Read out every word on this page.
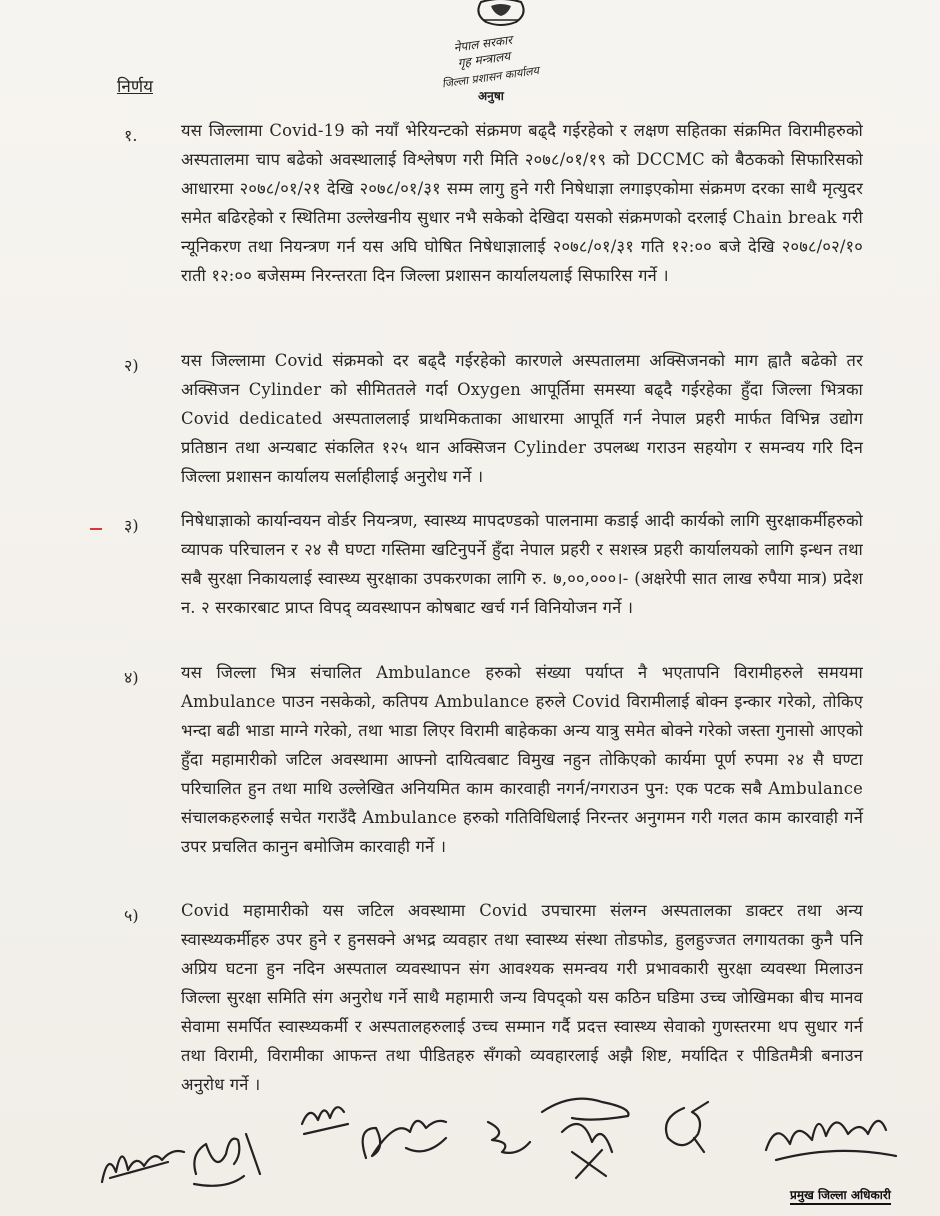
नेपाल सरकार
गृह मन्त्रालय
जिल्ला प्रशासन कार्यालय
अनुषा
निर्णय
१.	यस जिल्लामा Covid-19 को नयाँ भेरियन्टको संक्रमण बढ्दै गईरहेको र लक्षण सहितका संक्रमित विरामीहरुको अस्पतालमा चाप बढेको अवस्थालाई विश्लेषण गरी मिति २०७८/०१/१९ को DCCMC को बैठकको सिफारिसको आधारमा २०७८/०१/२१ देखि २०७८/०१/३१ सम्म लागु हुने गरी निषेधाज्ञा लगाइएकोमा संक्रमण दरका साथै मृत्युदर समेत बढिरहेको र स्थितिमा उल्लेखनीय सुधार नभै सकेको देखिदा यसको संक्रमणको दरलाई Chain break गरी न्यूनिकरण तथा नियन्त्रण गर्न यस अघि घोषित निषेधाज्ञालाई २०७८/०१/३१ गति १२:०० बजे देखि २०७८/०२/१० राती १२:०० बजेसम्म निरन्तरता दिन जिल्ला प्रशासन कार्यालयलाई सिफारिस गर्ने ।
२)	यस जिल्लामा Covid संक्रमको दर बढ्दै गईरहेको कारणले अस्पतालमा अक्सिजनको माग ह्वातै बढेको तर अक्सिजन Cylinder को सीमिततले गर्दा Oxygen आपूर्तिमा समस्या बढ्दै गईरहेका हुँदा जिल्ला भित्रका Covid dedicated अस्पताललाई प्राथमिकताका आधारमा आपूर्ति गर्न नेपाल प्रहरी मार्फत विभिन्न उद्योग प्रतिष्ठान तथा अन्यबाट संकलित १२५ थान अक्सिजन Cylinder उपलब्ध गराउन सहयोग र समन्वय गरि दिन जिल्ला प्रशासन कार्यालय सर्लाहीलाई अनुरोध गर्ने ।
३)	निषेधाज्ञाको कार्यान्वयन वोर्डर नियन्त्रण, स्वास्थ्य मापदण्डको पालनामा कडाई आदी कार्यको लागि सुरक्षाकर्मीहरुको व्यापक परिचालन र २४ सै घण्टा गस्तिमा खटिनुपर्ने हुँदा नेपाल प्रहरी र सशस्त्र प्रहरी कार्यालयको लागि इन्धन तथा सबै सुरक्षा निकायलाई स्वास्थ्य सुरक्षाका उपकरणका लागि रु. ७,००,०००।- (अक्षरेपी सात लाख रुपैया मात्र) प्रदेश न. २ सरकारबाट प्राप्त विपद् व्यवस्थापन कोषबाट खर्च गर्न विनियोजन गर्ने ।
४)	यस जिल्ला भित्र संचालित Ambulance हरुको संख्या पर्याप्त नै भएतापनि विरामीहरुले समयमा Ambulance पाउन नसकेको, कतिपय Ambulance हरुले Covid विरामीलाई बोक्न इन्कार गरेको, तोकिए भन्दा बढी भाडा माग्ने गरेको, तथा भाडा लिएर विरामी बाहेकका अन्य यात्रु समेत बोक्ने गरेको जस्ता गुनासो आएको हुँदा महामारीको जटिल अवस्थामा आफ्नो दायित्वबाट विमुख नहुन तोकिएको कार्यमा पूर्ण रुपमा २४ सै घण्टा परिचालित हुन तथा माथि उल्लेखित अनियमित काम कारवाही नगर्न/नगराउन पुन: एक पटक सबै Ambulance संचालकहरुलाई सचेत गराउँदै Ambulance हरुको गतिविधिलाई निरन्तर अनुगमन गरी गलत काम कारवाही गर्ने उपर प्रचलित कानुन बमोजिम कारवाही गर्ने ।
५)	Covid महामारीको यस जटिल अवस्थामा Covid उपचारमा संलग्न अस्पतालका डाक्टर तथा अन्य स्वास्थ्यकर्मीहरु उपर हुने र हुनसक्ने अभद्र व्यवहार तथा स्वास्थ्य संस्था तोडफोड, हुलहुज्जत लगायतका कुनै पनि अप्रिय घटना हुन नदिन अस्पताल व्यवस्थापन संग आवश्यक समन्वय गरी प्रभावकारी सुरक्षा व्यवस्था मिलाउन जिल्ला सुरक्षा समिति संग अनुरोध गर्ने साथै महामारी जन्य विपद्को यस कठिन घडिमा उच्च जोखिमका बीच मानव सेवामा समर्पित स्वास्थ्यकर्मी र अस्पतालहरुलाई उच्च सम्मान गर्दै प्रदत्त स्वास्थ्य सेवाको गुणस्तरमा थप सुधार गर्न तथा विरामी, विरामीका आफन्त तथा पीडितहरु सँगको व्यवहारलाई अझै शिष्ट, मर्यादित र पीडितमैत्री बनाउन अनुरोध गर्ने ।
प्रमुख जिल्ला अधिकारी
